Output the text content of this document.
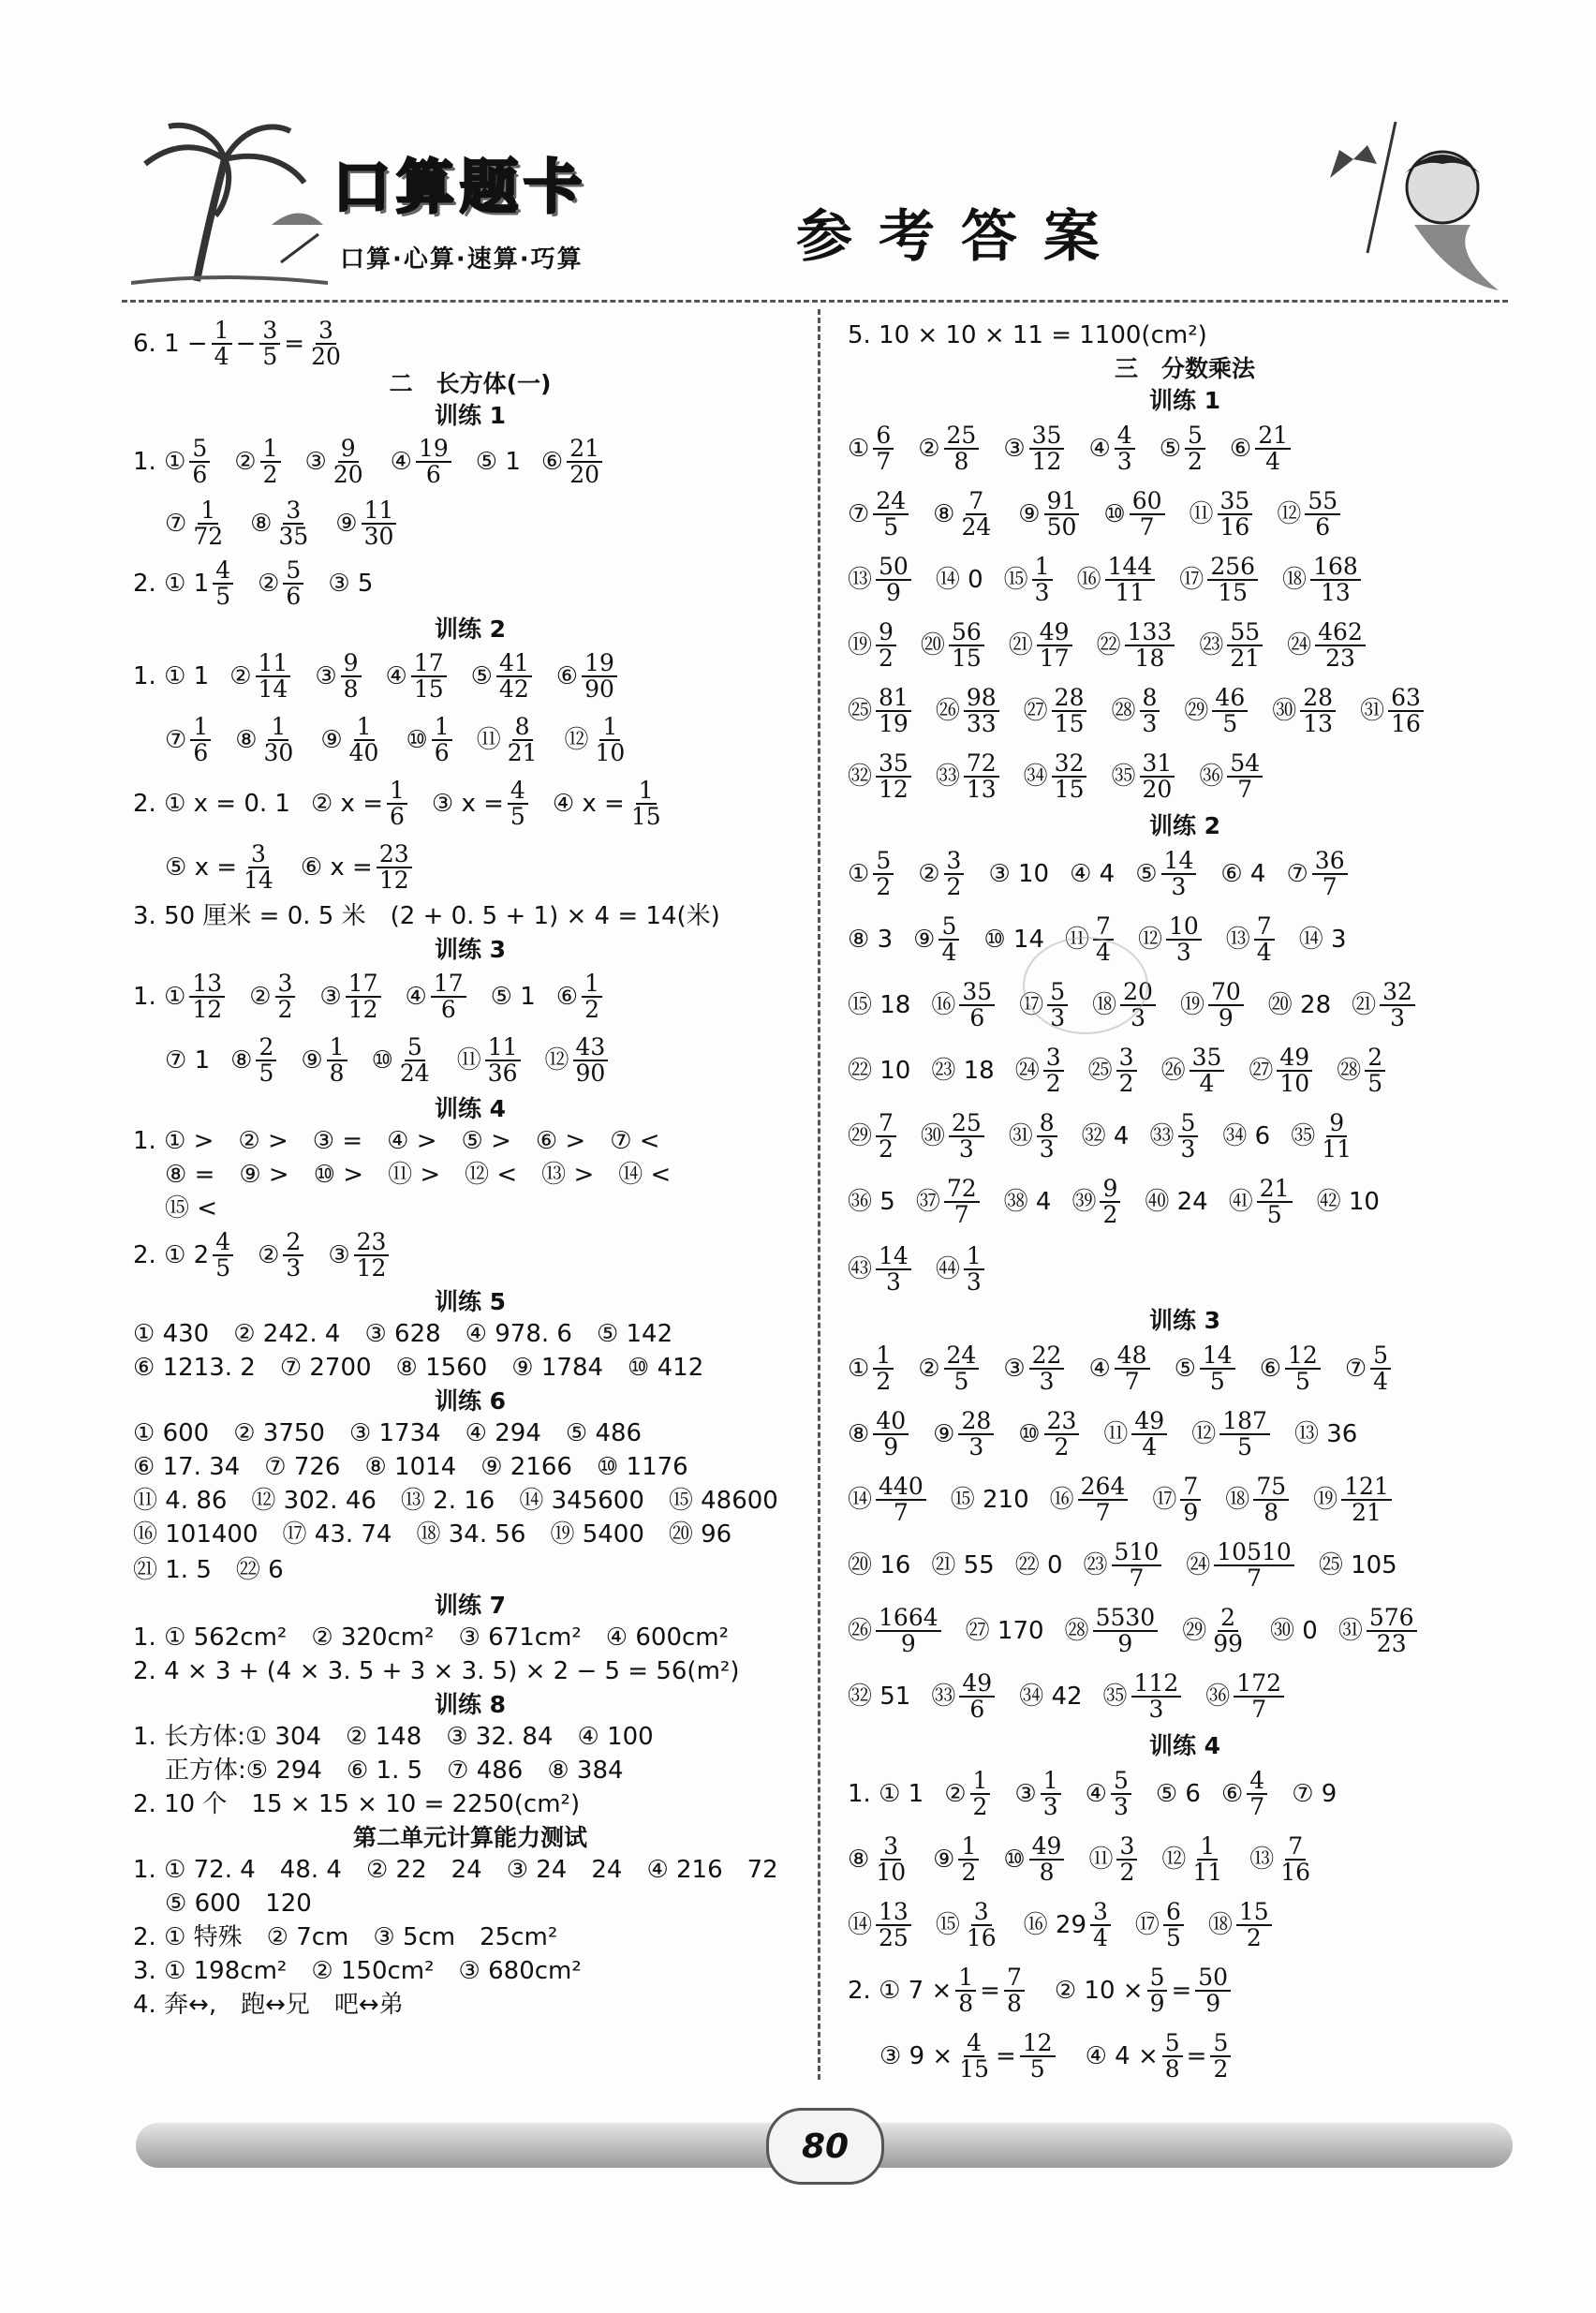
口算题卡
口算·心算·速算·巧算	参考答案
6. $1 - \frac{1}{4} - \frac{3}{5} = \frac{3}{20}$
二　长方体(一)
训练 1
1. ① $\frac{5}{6}$ ② $\frac{1}{2}$ ③ $\frac{9}{20}$ ④ $\frac{19}{6}$ ⑤ 1 ⑥ $\frac{21}{20}$
⑦ $\frac{1}{72}$ ⑧ $\frac{3}{35}$ ⑨ $\frac{11}{30}$
2. ① $1 \frac{4}{5}$ ② $\frac{5}{6}$ ③ 5
训练 2
1. ① 1 ② $\frac{11}{14}$ ③ $\frac{9}{8}$ ④ $\frac{17}{15}$ ⑤ $\frac{41}{42}$ ⑥ $\frac{19}{90}$
⑦ $\frac{1}{6}$ ⑧ $\frac{1}{30}$ ⑨ $\frac{1}{40}$ ⑩ $\frac{1}{6}$ ⑪ $\frac{8}{21}$ ⑫ $\frac{1}{10}$
2. ① x = 0. 1 ② $x = \frac{1}{6}$ ③ $x = \frac{4}{5}$ ④ $x = \frac{1}{15}$
⑤ $x = \frac{3}{14}$ ⑥ $x = \frac{23}{12}$
3. 50 厘米 = 0. 5 米　(2 + 0. 5 + 1) × 4 = 14(米)
训练 3
1. ① $\frac{13}{12}$ ② $\frac{3}{2}$ ③ $\frac{17}{12}$ ④ $\frac{17}{6}$ ⑤ 1 ⑥ $\frac{1}{2}$
⑦ 1 ⑧ $\frac{2}{5}$ ⑨ $\frac{1}{8}$ ⑩ $\frac{5}{24}$ ⑪ $\frac{11}{36}$ ⑫ $\frac{43}{90}$
训练 4
1. ① >　② >　③ =　④ >　⑤ >　⑥ >　⑦ <
⑧ =　⑨ >　⑩ >　⑪ >　⑫ <　⑬ >　⑭ <
⑮ <
2. ① $2 \frac{4}{5}$ ② $\frac{2}{3}$ ③ $\frac{23}{12}$
训练 5
① 430　② 242. 4　③ 628　④ 978. 6　⑤ 142
⑥ 1213. 2　⑦ 2700　⑧ 1560　⑨ 1784　⑩ 412
训练 6
① 600　② 3750　③ 1734　④ 294　⑤ 486
⑥ 17. 34　⑦ 726　⑧ 1014　⑨ 2166　⑩ 1176
⑪ 4. 86　⑫ 302. 46　⑬ 2. 16　⑭ 345600　⑮ 48600
⑯ 101400　⑰ 43. 74　⑱ 34. 56　⑲ 5400　⑳ 96
㉑ 1. 5　㉒ 6
训练 7
1. ① 562cm²　② 320cm²　③ 671cm²　④ 600cm²
2. 4 × 3 + (4 × 3. 5 + 3 × 3. 5) × 2 − 5 = 56(m²)
训练 8
1. 长方体:① 304　② 148　③ 32. 84　④ 100
正方体:⑤ 294　⑥ 1. 5　⑦ 486　⑧ 384
2. 10 个　15 × 15 × 10 = 2250(cm²)
第二单元计算能力测试
1. ① 72. 4　48. 4　② 22　24　③ 24　24　④ 216　72
⑤ 600　120
2. ① 特殊　② 7cm　③ 5cm　25cm²
3. ① 198cm²　② 150cm²　③ 680cm²
4. 奔↔,　跑↔兄　吧↔弟
5. 10 × 10 × 11 = 1100(cm²)
三　分数乘法
训练 1
① $\frac{6}{7}$ ② $\frac{25}{8}$ ③ $\frac{35}{12}$ ④ $\frac{4}{3}$ ⑤ $\frac{5}{2}$ ⑥ $\frac{21}{4}$
⑦ $\frac{24}{5}$ ⑧ $\frac{7}{24}$ ⑨ $\frac{91}{50}$ ⑩ $\frac{60}{7}$ ⑪ $\frac{35}{16}$ ⑫ $\frac{55}{6}$
⑬ $\frac{50}{9}$ ⑭ 0 ⑮ $\frac{1}{3}$ ⑯ $\frac{144}{11}$ ⑰ $\frac{256}{15}$ ⑱ $\frac{168}{13}$
⑲ $\frac{9}{2}$ ⑳ $\frac{56}{15}$ ㉑ $\frac{49}{17}$ ㉒ $\frac{133}{18}$ ㉓ $\frac{55}{21}$ ㉔ $\frac{462}{23}$
㉕ $\frac{81}{19}$ ㉖ $\frac{98}{33}$ ㉗ $\frac{28}{15}$ ㉘ $\frac{8}{3}$ ㉙ $\frac{46}{5}$ ㉚ $\frac{28}{13}$ ㉛ $\frac{63}{16}$
㉜ $\frac{35}{12}$ ㉝ $\frac{72}{13}$ ㉞ $\frac{32}{15}$ ㉟ $\frac{31}{20}$ ㊱ $\frac{54}{7}$
训练 2
① $\frac{5}{2}$ ② $\frac{3}{2}$ ③ 10 ④ 4 ⑤ $\frac{14}{3}$ ⑥ 4 ⑦ $\frac{36}{7}$
⑧ 3 ⑨ $\frac{5}{4}$ ⑩ 14 ⑪ $\frac{7}{4}$ ⑫ $\frac{10}{3}$ ⑬ $\frac{7}{4}$ ⑭ 3
⑮ 18 ⑯ $\frac{35}{6}$ ⑰ $\frac{5}{3}$ ⑱ $\frac{20}{3}$ ⑲ $\frac{70}{9}$ ⑳ 28 ㉑ $\frac{32}{3}$
㉒ 10 ㉓ 18 ㉔ $\frac{3}{2}$ ㉕ $\frac{3}{2}$ ㉖ $\frac{35}{4}$ ㉗ $\frac{49}{10}$ ㉘ $\frac{2}{5}$
㉙ $\frac{7}{2}$ ㉚ $\frac{25}{3}$ ㉛ $\frac{8}{3}$ ㉜ 4 ㉝ $\frac{5}{3}$ ㉞ 6 ㉟ $\frac{9}{11}$
㊱ 5 ㊲ $\frac{72}{7}$ ㊳ 4 ㊴ $\frac{9}{2}$ ㊵ 24 ㊶ $\frac{21}{5}$ ㊷ 10
㊸ $\frac{14}{3}$ ㊹ $\frac{1}{3}$
训练 3
① $\frac{1}{2}$ ② $\frac{24}{5}$ ③ $\frac{22}{3}$ ④ $\frac{48}{7}$ ⑤ $\frac{14}{5}$ ⑥ $\frac{12}{5}$ ⑦ $\frac{5}{4}$
⑧ $\frac{40}{9}$ ⑨ $\frac{28}{3}$ ⑩ $\frac{23}{2}$ ⑪ $\frac{49}{4}$ ⑫ $\frac{187}{5}$ ⑬ 36
⑭ $\frac{440}{7}$ ⑮ 210 ⑯ $\frac{264}{7}$ ⑰ $\frac{7}{9}$ ⑱ $\frac{75}{8}$ ⑲ $\frac{121}{21}$
⑳ 16 ㉑ 55 ㉒ 0 ㉓ $\frac{510}{7}$ ㉔ $\frac{10510}{7}$ ㉕ 105
㉖ $\frac{1664}{9}$ ㉗ 170 ㉘ $\frac{5530}{9}$ ㉙ $\frac{2}{99}$ ㉚ 0 ㉛ $\frac{576}{23}$
㉜ 51 ㉝ $\frac{49}{6}$ ㉞ 42 ㉟ $\frac{112}{3}$ ㊱ $\frac{172}{7}$
训练 4
1. ① 1 ② $\frac{1}{2}$ ③ $\frac{1}{3}$ ④ $\frac{5}{3}$ ⑤ 6 ⑥ $\frac{4}{7}$ ⑦ 9
⑧ $\frac{3}{10}$ ⑨ $\frac{1}{2}$ ⑩ $\frac{49}{8}$ ⑪ $\frac{3}{2}$ ⑫ $\frac{1}{11}$ ⑬ $\frac{7}{16}$
⑭ $\frac{13}{25}$ ⑮ $\frac{3}{16}$ ⑯ $29 \frac{3}{4}$ ⑰ $\frac{6}{5}$ ⑱ $\frac{15}{2}$
2. ① $7 \times \frac{1}{8} = \frac{7}{8}$ ② $10 \times \frac{5}{9} = \frac{50}{9}$
③ $9 \times \frac{4}{15} = \frac{12}{5}$ ④ $4 \times \frac{5}{8} = \frac{5}{2}$
80
